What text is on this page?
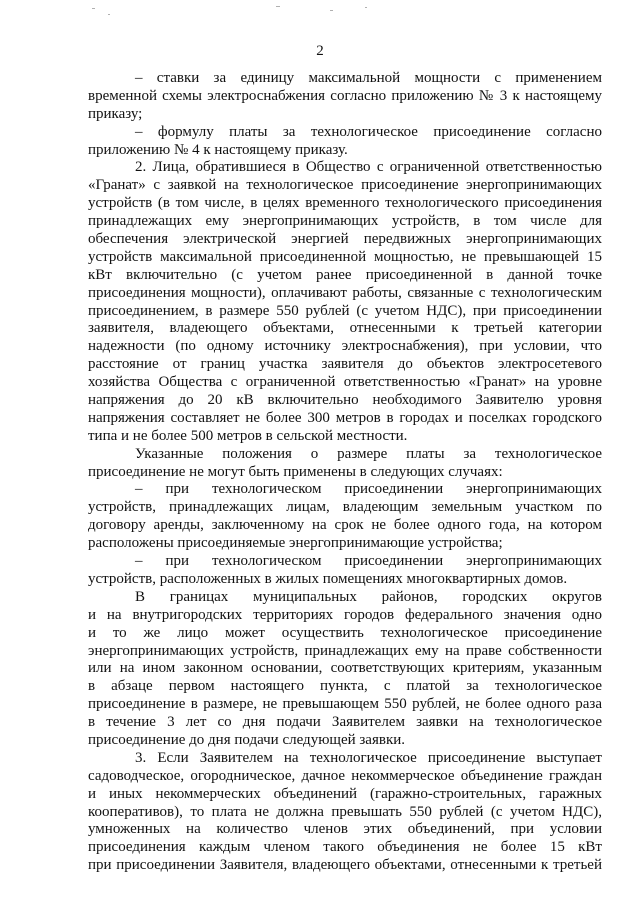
2
– ставки за единицу максимальной мощности с применением
временной схемы электроснабжения согласно приложению № 3 к настоящему
приказу;
– формулу платы за технологическое присоединение согласно
приложению № 4 к настоящему приказу.
2. Лица, обратившиеся в Общество с ограниченной ответственностью
«Гранат» с заявкой на технологическое присоединение энергопринимающих
устройств (в том числе, в целях временного технологического присоединения
принадлежащих ему энергопринимающих устройств, в том числе для
обеспечения электрической энергией передвижных энергопринимающих
устройств максимальной присоединенной мощностью, не превышающей 15
кВт включительно (с учетом ранее присоединенной в данной точке
присоединения мощности), оплачивают работы, связанные с технологическим
присоединением, в размере 550 рублей (с учетом НДС), при присоединении
заявителя, владеющего объектами, отнесенными к третьей категории
надежности (по одному источнику электроснабжения), при условии, что
расстояние от границ участка заявителя до объектов электросетевого
хозяйства Общества с ограниченной ответственностью «Гранат» на уровне
напряжения до 20 кВ включительно необходимого Заявителю уровня
напряжения составляет не более 300 метров в городах и поселках городского
типа и не более 500 метров в сельской местности.
Указанные положения о размере платы за технологическое
присоединение не могут быть применены в следующих случаях:
– при технологическом присоединении энергопринимающих
устройств, принадлежащих лицам, владеющим земельным участком по
договору аренды, заключенному на срок не более одного года, на котором
расположены присоединяемые энергопринимающие устройства;
– при технологическом присоединении энергопринимающих
устройств, расположенных в жилых помещениях многоквартирных домов.
В границах муниципальных районов, городских округов
и на внутригородских территориях городов федерального значения одно
и то же лицо может осуществить технологическое присоединение
энергопринимающих устройств, принадлежащих ему на праве собственности
или на ином законном основании, соответствующих критериям, указанным
в абзаце первом настоящего пункта, с платой за технологическое
присоединение в размере, не превышающем 550 рублей, не более одного раза
в течение 3 лет со дня подачи Заявителем заявки на технологическое
присоединение до дня подачи следующей заявки.
3. Если Заявителем на технологическое присоединение выступает
садоводческое, огородническое, дачное некоммерческое объединение граждан
и иных некоммерческих объединений (гаражно-строительных, гаражных
кооперативов), то плата не должна превышать 550 рублей (с учетом НДС),
умноженных на количество членов этих объединений, при условии
присоединения каждым членом такого объединения не более 15 кВт
при присоединении Заявителя, владеющего объектами, отнесенными к третьей
